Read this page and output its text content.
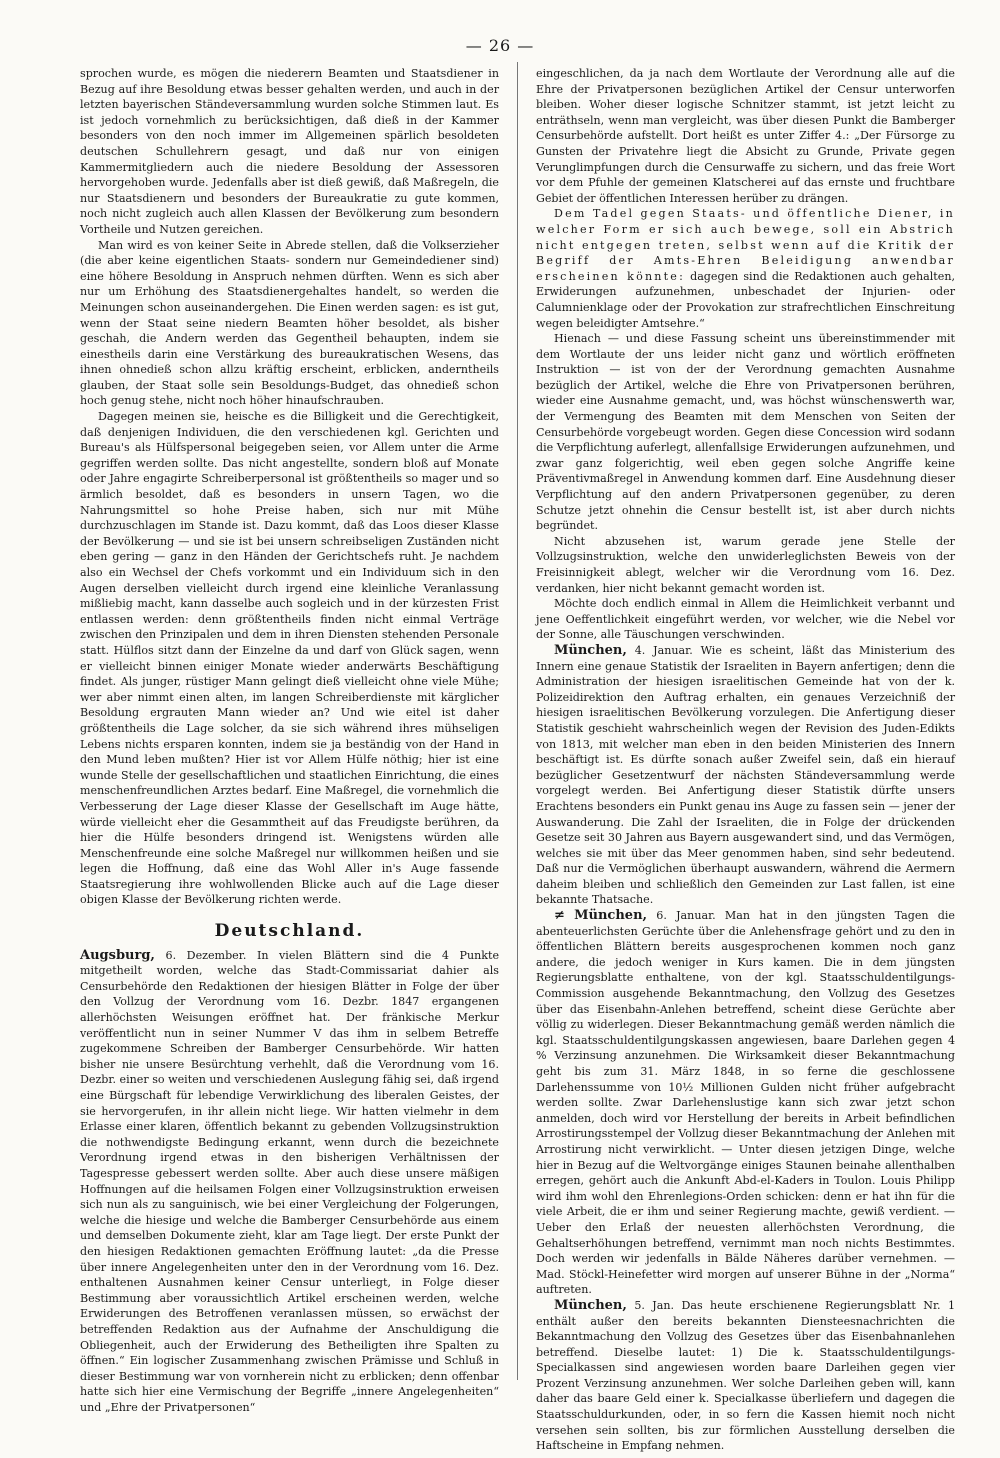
— 26 —

sprochen wurde, es mögen die niederern Beamten und Staatsdiener in Bezug auf ihre Besoldung etwas besser gehalten werden, und auch in der letzten bayerischen Ständeversammlung wurden solche Stimmen laut. Es ist jedoch vornehmlich zu berücksichtigen, daß dieß in der Kammer besonders von den noch immer im Allgemeinen spärlich besoldeten deutschen Schullehrern gesagt, und daß nur von einigen Kammermitgliedern auch die niedere Besoldung der Assessoren hervorgehoben wurde. Jedenfalls aber ist dieß gewiß, daß Maßregeln, die nur Staatsdienern und besonders der Bureaukratie zu gute kommen, noch nicht zugleich auch allen Klassen der Bevölkerung zum besondern Vortheile und Nutzen gereichen.

Man wird es von keiner Seite in Abrede stellen, daß die Volkserzieher (die aber keine eigentlichen Staats- sondern nur Gemeindediener sind) eine höhere Besoldung in Anspruch nehmen dürften. Wenn es sich aber nur um Erhöhung des Staatsdienergehaltes handelt, so werden die Meinungen schon auseinandergehen. Die Einen werden sagen: es ist gut, wenn der Staat seine niedern Beamten höher besoldet, als bisher geschah, die Andern werden das Gegentheil behaupten, indem sie einestheils darin eine Verstärkung des bureaukratischen Wesens, das ihnen ohnedieß schon allzu kräftig erscheint, erblicken, anderntheils glauben, der Staat solle sein Besoldungs-Budget, das ohnedieß schon hoch genug stehe, nicht noch höher hinaufschrauben.

Dagegen meinen sie, heische es die Billigkeit und die Gerechtigkeit, daß denjenigen Individuen, die den verschiedenen kgl. Gerichten und Bureau's als Hülfspersonal beigegeben seien, vor Allem unter die Arme gegriffen werden sollte. Das nicht angestellte, sondern bloß auf Monate oder Jahre engagirte Schreiberpersonal ist größtentheils so mager und so ärmlich besoldet, daß es besonders in unsern Tagen, wo die Nahrungsmittel so hohe Preise haben, sich nur mit Mühe durchzuschlagen im Stande ist. Dazu kommt, daß das Loos dieser Klasse der Bevölkerung — und sie ist bei unsern schreibseligen Zuständen nicht eben gering — ganz in den Händen der Gerichtschefs ruht. Je nachdem also ein Wechsel der Chefs vorkommt und ein Individuum sich in den Augen derselben vielleicht durch irgend eine kleinliche Veranlassung mißliebig macht, kann dasselbe auch sogleich und in der kürzesten Frist entlassen werden: denn größtentheils finden nicht einmal Verträge zwischen den Prinzipalen und dem in ihren Diensten stehenden Personale statt. Hülflos sitzt dann der Einzelne da und darf von Glück sagen, wenn er vielleicht binnen einiger Monate wieder anderwärts Beschäftigung findet. Als junger, rüstiger Mann gelingt dieß vielleicht ohne viele Mühe; wer aber nimmt einen alten, im langen Schreiberdienste mit kärglicher Besoldung ergrauten Mann wieder an? Und wie eitel ist daher größtentheils die Lage solcher, da sie sich während ihres mühseligen Lebens nichts ersparen konnten, indem sie ja beständig von der Hand in den Mund leben mußten? Hier ist vor Allem Hülfe nöthig; hier ist eine wunde Stelle der gesellschaftlichen und staatlichen Einrichtung, die eines menschenfreundlichen Arztes bedarf. Eine Maßregel, die vornehmlich die Verbesserung der Lage dieser Klasse der Gesellschaft im Auge hätte, würde vielleicht eher die Gesammtheit auf das Freudigste berühren, da hier die Hülfe besonders dringend ist. Wenigstens würden alle Menschenfreunde eine solche Maßregel nur willkommen heißen und sie legen die Hoffnung, daß eine das Wohl Aller in's Auge fassende Staatsregierung ihre wohlwollenden Blicke auch auf die Lage dieser obigen Klasse der Bevölkerung richten werde.

Deutschland.

Augsburg, 6. Dezember. In vielen Blättern sind die 4 Punkte mitgetheilt worden, welche das Stadt-Commissariat dahier als Censurbehörde den Redaktionen der hiesigen Blätter in Folge der über den Vollzug der Verordnung vom 16. Dezbr. 1847 ergangenen allerhöchsten Weisungen eröffnet hat. Der fränkische Merkur veröffentlicht nun in seiner Nummer V das ihm in selbem Betreffe zugekommene Schreiben der Bamberger Censurbehörde. Wir hatten bisher nie unsere Besürchtung verhehlt, daß die Verordnung vom 16. Dezbr. einer so weiten und verschiedenen Auslegung fähig sei, daß irgend eine Bürgschaft für lebendige Verwirklichung des liberalen Geistes, der sie hervorgerufen, in ihr allein nicht liege. Wir hatten vielmehr in dem Erlasse einer klaren, öffentlich bekannt zu gebenden Vollzugsinstruktion die nothwendigste Bedingung erkannt, wenn durch die bezeichnete Verordnung irgend etwas in den bisherigen Verhältnissen der Tagespresse gebessert werden sollte. Aber auch diese unsere mäßigen Hoffnungen auf die heilsamen Folgen einer Vollzugsinstruktion erweisen sich nun als zu sanguinisch, wie bei einer Vergleichung der Folgerungen, welche die hiesige und welche die Bamberger Censurbehörde aus einem und demselben Dokumente zieht, klar am Tage liegt. Der erste Punkt der den hiesigen Redaktionen gemachten Eröffnung lautet: „da die Presse über innere Angelegenheiten unter den in der Verordnung vom 16. Dez. enthaltenen Ausnahmen keiner Censur unterliegt, in Folge dieser Bestimmung aber voraussichtlich Artikel erscheinen werden, welche Erwiderungen des Betroffenen veranlassen müssen, so erwächst der betreffenden Redaktion aus der Aufnahme der Anschuldigung die Obliegenheit, auch der Erwiderung des Betheiligten ihre Spalten zu öffnen.“ Ein logischer Zusammenhang zwischen Prämisse und Schluß in dieser Bestimmung war von vornherein nicht zu erblicken; denn offenbar hatte sich hier eine Vermischung der Begriffe „innere Angelegenheiten“ und „Ehre der Privatpersonen“

eingeschlichen, da ja nach dem Wortlaute der Verordnung alle auf die Ehre der Privatpersonen bezüglichen Artikel der Censur unterworfen bleiben. Woher dieser logische Schnitzer stammt, ist jetzt leicht zu enträthseln, wenn man vergleicht, was über diesen Punkt die Bamberger Censurbehörde aufstellt. Dort heißt es unter Ziffer 4.: „Der Fürsorge zu Gunsten der Privatehre liegt die Absicht zu Grunde, Private gegen Verunglimpfungen durch die Censurwaffe zu sichern, und das freie Wort vor dem Pfuhle der gemeinen Klatscherei auf das ernste und fruchtbare Gebiet der öffentlichen Interessen herüber zu drängen.

Dem Tadel gegen Staats- und öffentliche Diener, in welcher Form er sich auch bewege, soll ein Abstrich nicht entgegen treten, selbst wenn auf die Kritik der Begriff der Amts-Ehren Beleidigung anwendbar erscheinen könnte: dagegen sind die Redaktionen auch gehalten, Erwiderungen aufzunehmen, unbeschadet der Injurien- oder Calumnienklage oder der Provokation zur strafrechtlichen Einschreitung wegen beleidigter Amtsehre.“

Hienach — und diese Fassung scheint uns übereinstimmender mit dem Wortlaute der uns leider nicht ganz und wörtlich eröffneten Instruktion — ist von der der Verordnung gemachten Ausnahme bezüglich der Artikel, welche die Ehre von Privatpersonen berühren, wieder eine Ausnahme gemacht, und, was höchst wünschenswerth war, der Vermengung des Beamten mit dem Menschen von Seiten der Censurbehörde vorgebeugt worden. Gegen diese Concession wird sodann die Verpflichtung auferlegt, allenfallsige Erwiderungen aufzunehmen, und zwar ganz folgerichtig, weil eben gegen solche Angriffe keine Präventivmaßregel in Anwendung kommen darf. Eine Ausdehnung dieser Verpflichtung auf den andern Privatpersonen gegenüber, zu deren Schutze jetzt ohnehin die Censur bestellt ist, ist aber durch nichts begründet.

Nicht abzusehen ist, warum gerade jene Stelle der Vollzugsinstruktion, welche den unwiderleglichsten Beweis von der Freisinnigkeit ablegt, welcher wir die Verordnung vom 16. Dez. verdanken, hier nicht bekannt gemacht worden ist.

Möchte doch endlich einmal in Allem die Heimlichkeit verbannt und jene Oeffentlichkeit eingeführt werden, vor welcher, wie die Nebel vor der Sonne, alle Täuschungen verschwinden.

München, 4. Januar. Wie es scheint, läßt das Ministerium des Innern eine genaue Statistik der Israeliten in Bayern anfertigen; denn die Administration der hiesigen israelitischen Gemeinde hat von der k. Polizeidirektion den Auftrag erhalten, ein genaues Verzeichniß der hiesigen israelitischen Bevölkerung vorzulegen. Die Anfertigung dieser Statistik geschieht wahrscheinlich wegen der Revision des Juden-Edikts von 1813, mit welcher man eben in den beiden Ministerien des Innern beschäftigt ist. Es dürfte sonach außer Zweifel sein, daß ein hierauf bezüglicher Gesetzentwurf der nächsten Ständeversammlung werde vorgelegt werden. Bei Anfertigung dieser Statistik dürfte unsers Erachtens besonders ein Punkt genau ins Auge zu fassen sein — jener der Auswanderung. Die Zahl der Israeliten, die in Folge der drückenden Gesetze seit 30 Jahren aus Bayern ausgewandert sind, und das Vermögen, welches sie mit über das Meer genommen haben, sind sehr bedeutend. Daß nur die Vermöglichen überhaupt auswandern, während die Aermern daheim bleiben und schließlich den Gemeinden zur Last fallen, ist eine bekannte Thatsache.

≠ München, 6. Januar. Man hat in den jüngsten Tagen die abenteuerlichsten Gerüchte über die Anlehensfrage gehört und zu den in öffentlichen Blättern bereits ausgesprochenen kommen noch ganz andere, die jedoch weniger in Kurs kamen. Die in dem jüngsten Regierungsblatte enthaltene, von der kgl. Staatsschuldentilgungs-Commission ausgehende Bekanntmachung, den Vollzug des Gesetzes über das Eisenbahn-Anlehen betreffend, scheint diese Gerüchte aber völlig zu widerlegen. Dieser Bekanntmachung gemäß werden nämlich die kgl. Staatsschuldentilgungskassen angewiesen, baare Darlehen gegen 4 % Verzinsung anzunehmen. Die Wirksamkeit dieser Bekanntmachung geht bis zum 31. März 1848, in so ferne die geschlossene Darlehenssumme von 10½ Millionen Gulden nicht früher aufgebracht werden sollte. Zwar Darlehenslustige kann sich zwar jetzt schon anmelden, doch wird vor Herstellung der bereits in Arbeit befindlichen Arrostirungsstempel der Vollzug dieser Bekanntmachung der Anlehen mit Arrostirung nicht verwirklicht. — Unter diesen jetzigen Dinge, welche hier in Bezug auf die Weltvorgänge einiges Staunen beinahe allenthalben erregen, gehört auch die Ankunft Abd-el-Kaders in Toulon. Louis Philipp wird ihm wohl den Ehrenlegions-Orden schicken: denn er hat ihn für die viele Arbeit, die er ihm und seiner Regierung machte, gewiß verdient. — Ueber den Erlaß der neuesten allerhöchsten Verordnung, die Gehaltserhöhungen betreffend, vernimmt man noch nichts Bestimmtes. Doch werden wir jedenfalls in Bälde Näheres darüber vernehmen. — Mad. Stöckl-Heinefetter wird morgen auf unserer Bühne in der „Norma“ auftreten.

München, 5. Jan. Das heute erschienene Regierungsblatt Nr. 1 enthält außer den bereits bekannten Diensteesnachrichten die Bekanntmachung den Vollzug des Gesetzes über das Eisenbahnanlehen betreffend. Dieselbe lautet: 1) Die k. Staatsschuldentilgungs-Specialkassen sind angewiesen worden baare Darleihen gegen vier Prozent Verzinsung anzunehmen. Wer solche Darleihen geben will, kann daher das baare Geld einer k. Specialkasse überliefern und dagegen die Staatsschuldurkunden, oder, in so fern die Kassen hiemit noch nicht versehen sein sollten, bis zur förmlichen Ausstellung derselben die Haftscheine in Empfang nehmen.
